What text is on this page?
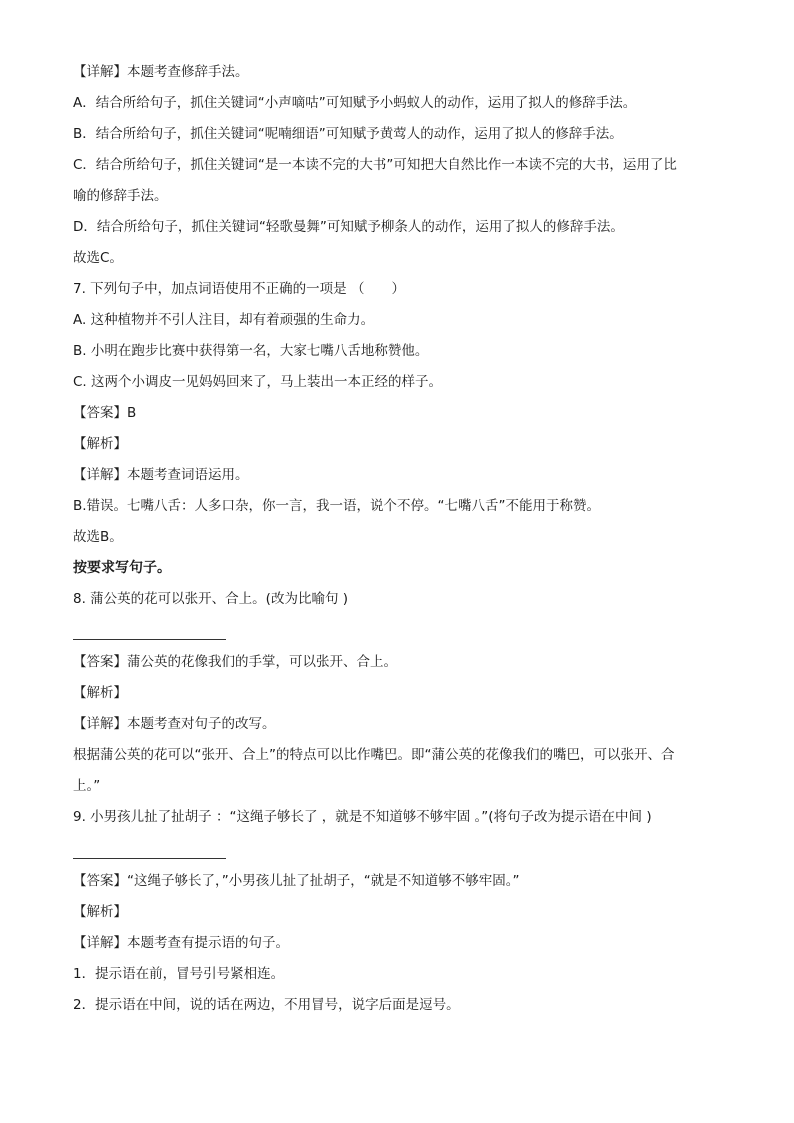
【详解】本题考查修辞手法。
A．结合所给句子，抓住关键词“小声嘀咕”可知赋予小蚂蚁人的动作，运用了拟人的修辞手法。
B．结合所给句子，抓住关键词“呢喃细语”可知赋予黄莺人的动作，运用了拟人的修辞手法。
C．结合所给句子，抓住关键词“是一本读不完的大书”可知把大自然比作一本读不完的大书，运用了比
喻的修辞手法。
D．结合所给句子，抓住关键词“轻歌曼舞”可知赋予柳条人的动作，运用了拟人的修辞手法。
故选C。
7. 下列句子中，加点词语使用不正确的一项是 （　　）
A. 这种植物并不引人注目，却有着顽强的生命力。
B. 小明在跑步比赛中获得第一名，大家七嘴八舌地称赞他。
C. 这两个小调皮一见妈妈回来了，马上装出一本正经的样子。
【答案】B
【解析】
【详解】本题考查词语运用。
B.错误。七嘴八舌：人多口杂，你一言，我一语，说个不停。“七嘴八舌”不能用于称赞。
故选B。
按要求写句子。
8. 蒲公英的花可以张开、合上。(改为比喻句 )
【答案】蒲公英的花像我们的手掌，可以张开、合上。
【解析】
【详解】本题考查对句子的改写。
根据蒲公英的花可以“张开、合上”的特点可以比作嘴巴。即“蒲公英的花像我们的嘴巴，可以张开、合
上。”
9. 小男孩儿扯了扯胡子 ：“这绳子够长了 ，就是不知道够不够牢固 。”(将句子改为提示语在中间 )
【答案】“这绳子够长了，”小男孩儿扯了扯胡子，“就是不知道够不够牢固。”
【解析】
【详解】本题考查有提示语的句子。
1．提示语在前，冒号引号紧相连。
2．提示语在中间，说的话在两边，不用冒号，说字后面是逗号。
